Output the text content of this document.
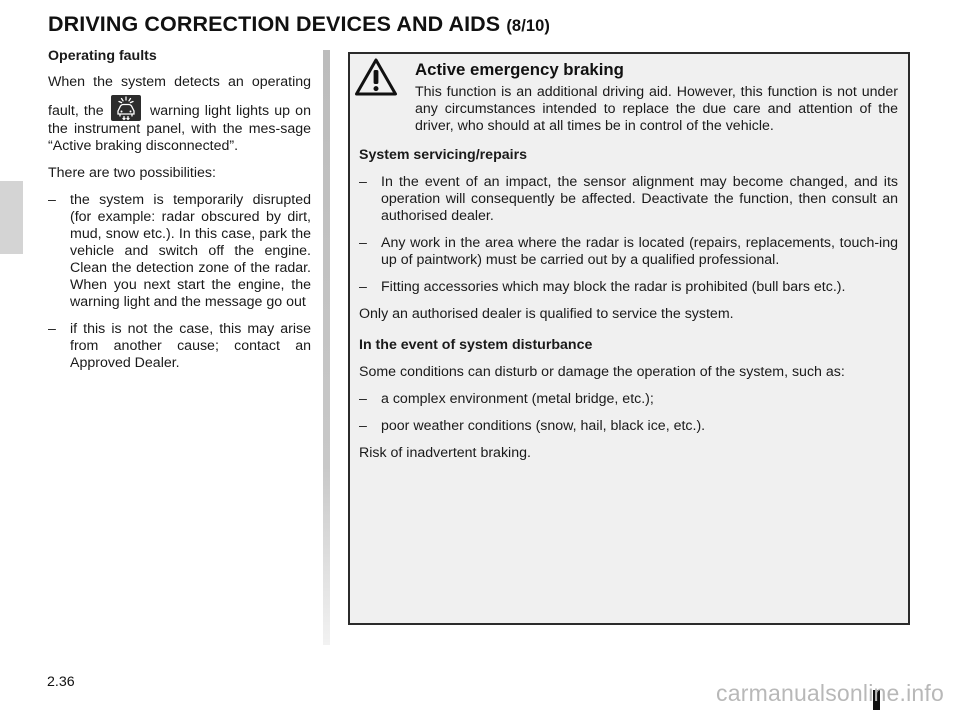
DRIVING CORRECTION DEVICES AND AIDS (8/10)

Operating faults

When the system detects an operating

fault, the	warning light lights up on the instrument panel, with the mes-sage “Active braking disconnected”.

There are two possibilities:

– the system is temporarily disrupted (for example: radar obscured by dirt, mud, snow etc.). In this case, park the vehicle and switch off the engine. Clean the detection zone of the radar. When you next start the engine, the warning light and the message go out
– if this is not the case, this may arise from another cause; contact an Approved Dealer.
Active emergency braking
This function is an additional driving aid. However, this function is not under any circumstances intended to replace the due care and attention of the driver, who should at all times be in control of the vehicle.

System servicing/repairs

– In the event of an impact, the sensor alignment may become changed, and its operation will consequently be affected. Deactivate the function, then consult an authorised dealer.
– Any work in the area where the radar is located (repairs, replacements, touch-ing up of paintwork) must be carried out by a qualified professional.
– Fitting accessories which may block the radar is prohibited (bull bars etc.).

Only an authorised dealer is qualified to service the system.

In the event of system disturbance

Some conditions can disturb or damage the operation of the system, such as:

– a complex environment (metal bridge, etc.);
– poor weather conditions (snow, hail, black ice, etc.).

Risk of inadvertent braking.

2.36	carmanualsonline.info
